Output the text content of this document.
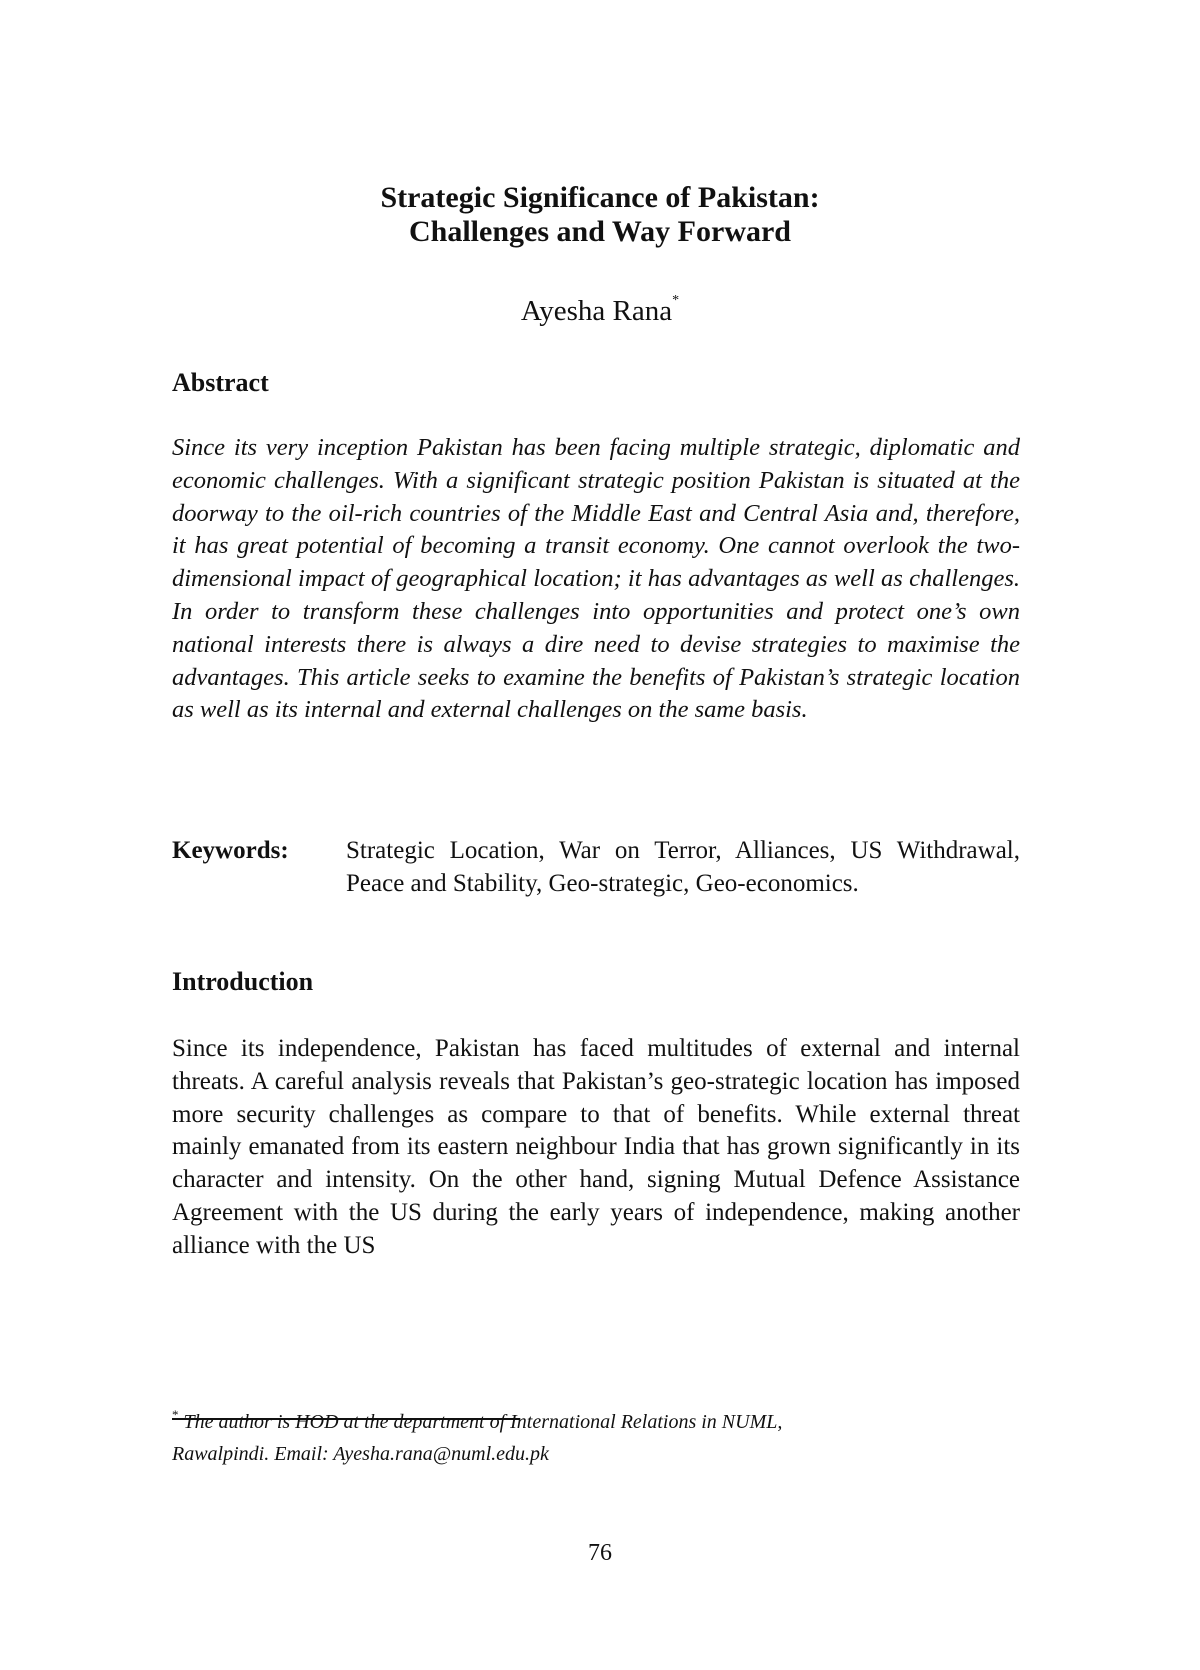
Strategic Significance of Pakistan:
Challenges and Way Forward
Ayesha Rana*
Abstract

Since its very inception Pakistan has been facing multiple strategic, diplomatic and economic challenges. With a significant strategic position Pakistan is situated at the doorway to the oil-rich countries of the Middle East and Central Asia and, therefore, it has great potential of becoming a transit economy. One cannot overlook the two-dimensional impact of geographical location; it has advantages as well as challenges. In order to transform these challenges into opportunities and protect one’s own national interests there is always a dire need to devise strategies to maximise the advantages. This article seeks to examine the benefits of Pakistan’s strategic location as well as its internal and external challenges on the same basis.

Keywords: Strategic Location, War on Terror, Alliances, US Withdrawal, Peace and Stability, Geo-strategic, Geo-economics.

Introduction

Since its independence, Pakistan has faced multitudes of external and internal threats. A careful analysis reveals that Pakistan’s geo-strategic location has imposed more security challenges as compare to that of benefits. While external threat mainly emanated from its eastern neighbour India that has grown significantly in its character and intensity. On the other hand, signing Mutual Defence Assistance Agreement with the US during the early years of independence, making another alliance with the US

* The author is HOD at the department of International Relations in NUML,
Rawalpindi. Email: Ayesha.rana@numl.edu.pk

76
